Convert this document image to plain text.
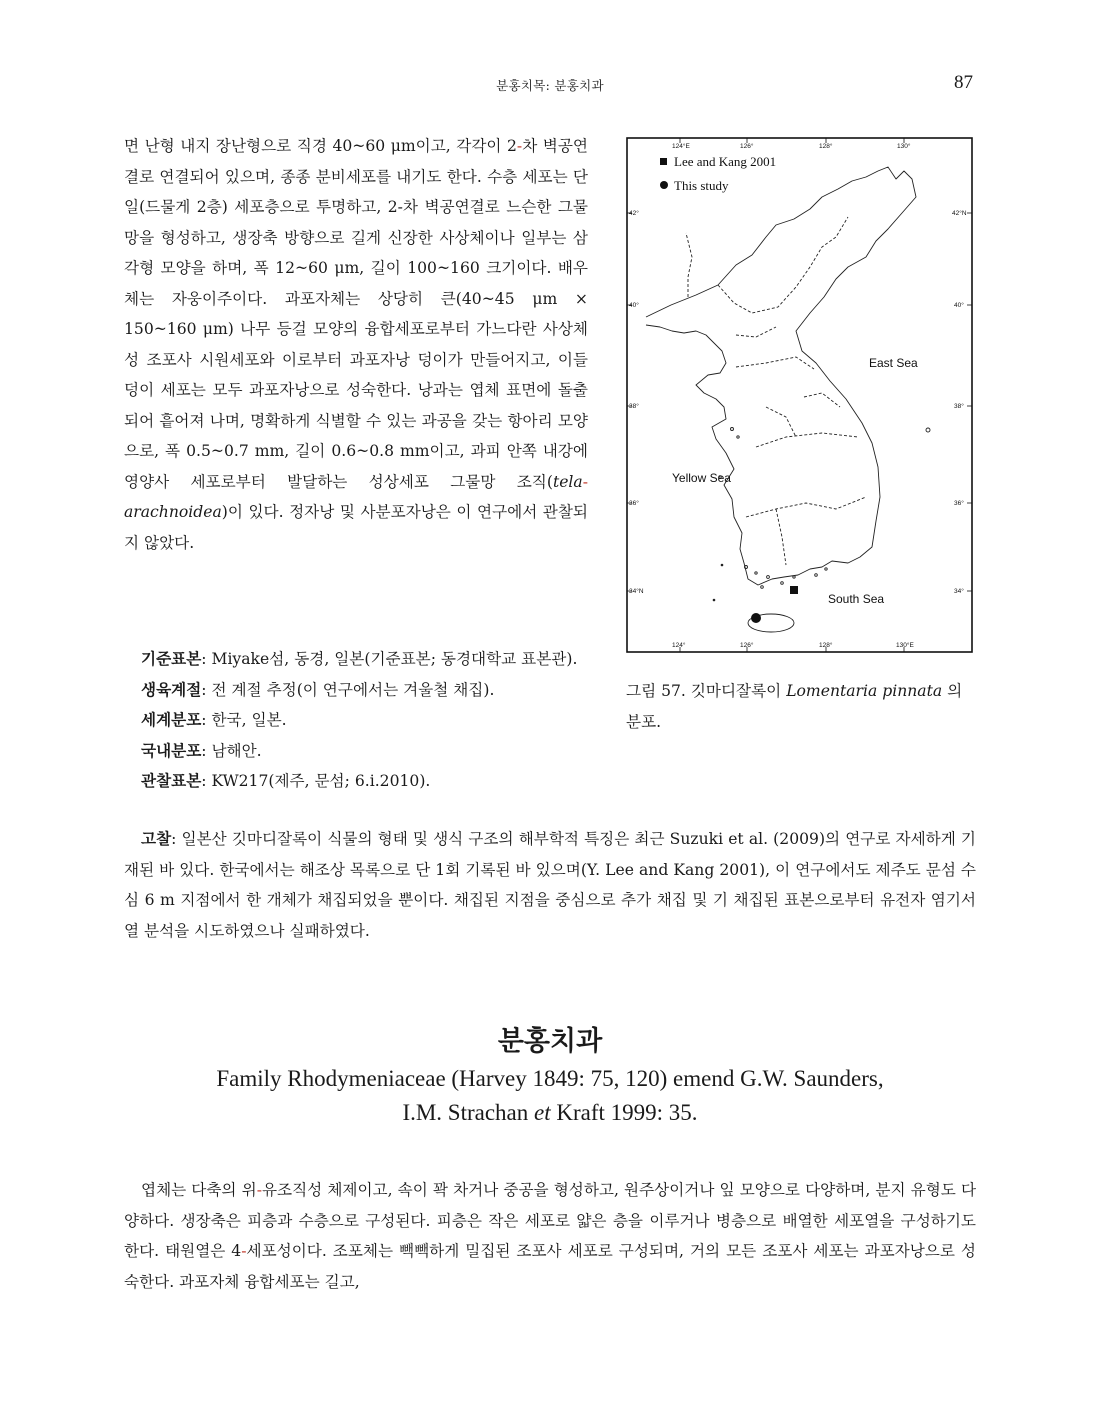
분홍치목: 분홍치과	87

면 난형 내지 장난형으로 직경 40~60 μm이고, 각각이 2-차 벽공연결로 연결되어 있으며, 종종 분비세포를 내기도 한다. 수층 세포는 단일(드물게 2층) 세포층으로 투명하고, 2-차 벽공연결로 느슨한 그물망을 형성하고, 생장축 방향으로 길게 신장한 사상체이나 일부는 삼각형 모양을 하며, 폭 12~60 μm, 길이 100~160 크기이다. 배우체는 자웅이주이다. 과포자체는 상당히 큰(40~45 μm × 150~160 μm) 나무 등걸 모양의 융합세포로부터 가느다란 사상체성 조포사 시원세포와 이로부터 과포자낭 덩이가 만들어지고, 이들 덩이 세포는 모두 과포자낭으로 성숙한다. 낭과는 엽체 표면에 돌출되어 흩어져 나며, 명확하게 식별할 수 있는 과공을 갖는 항아리 모양으로, 폭 0.5~0.7 mm, 길이 0.6~0.8 mm이고, 과피 안쪽 내강에 영양사 세포로부터 발달하는 성상세포 그물망 조직(tela-arachnoidea)이 있다. 정자낭 및 사분포자낭은 이 연구에서 관찰되지 않았다.

기준표본: Miyake섬, 동경, 일본(기준표본; 동경대학교 표본관).
생육계절: 전 계절 추정(이 연구에서는 겨울철 채집).
세계분포: 한국, 일본.
국내분포: 남해안.
관찰표본: KW217(제주, 문섬; 6.i.2010).

고찰: 일본산 깃마디잘록이 식물의 형태 및 생식 구조의 해부학적 특징은 최근 Suzuki et al. (2009)의 연구로 자세하게 기재된 바 있다. 한국에서는 해조상 목록으로 단 1회 기록된 바 있으며(Y. Lee and Kang 2001), 이 연구에서도 제주도 문섬 수심 6 m 지점에서 한 개체가 채집되었을 뿐이다. 채집된 지점을 중심으로 추가 채집 및 기 채집된 표본으로부터 유전자 염기서열 분석을 시도하였으나 실패하였다.

124°E	126°	128°	130°
124°	126°	128°	130°E
42°
40°
38°
36°
34°N
42°N
40°
38°
36°
34°
Lee and Kang 2001
This study
East Sea
Yellow Sea
South Sea
그림 57. 깃마디잘록이 Lomentaria pinnata 의 분포.
분홍치과
Family Rhodymeniaceae (Harvey 1849: 75, 120) emend G.W. Saunders,
I.M. Strachan et Kraft 1999: 35.

엽체는 다축의 위-유조직성 체제이고, 속이 꽉 차거나 중공을 형성하고, 원주상이거나 잎 모양으로 다양하며, 분지 유형도 다양하다. 생장축은 피층과 수층으로 구성된다. 피층은 작은 세포로 얇은 층을 이루거나 병층으로 배열한 세포열을 구성하기도 한다. 태원열은 4-세포성이다. 조포체는 빽빽하게 밀집된 조포사 세포로 구성되며, 거의 모든 조포사 세포는 과포자낭으로 성숙한다. 과포자체 융합세포는 길고,
